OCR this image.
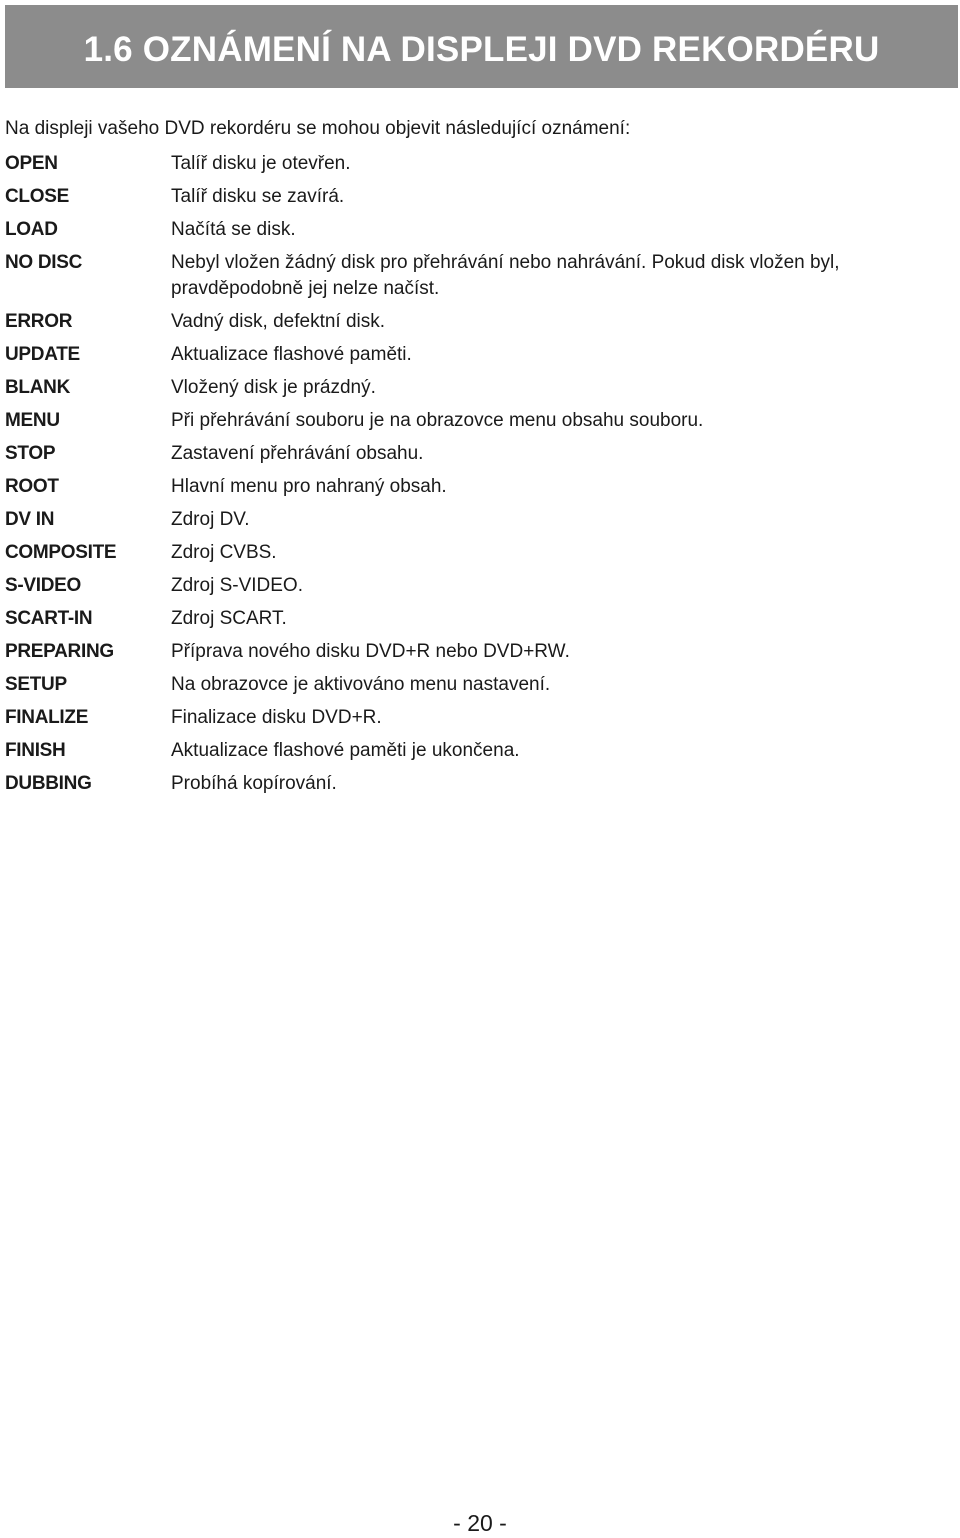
1.6 OZNÁMENÍ NA DISPLEJI DVD REKORDÉRU

Na displeji vašeho DVD rekordéru se mohou objevit následující oznámení:

OPEN	Talíř disku je otevřen.
CLOSE	Talíř disku se zavírá.
LOAD	Načítá se disk.
NO DISC	Nebyl vložen žádný disk pro přehrávání nebo nahrávání. Pokud disk vložen byl, pravděpodobně jej nelze načíst.
ERROR	Vadný disk, defektní disk.
UPDATE	Aktualizace flashové paměti.
BLANK	Vložený disk je prázdný.
MENU	Při přehrávání souboru je na obrazovce menu obsahu souboru.
STOP	Zastavení přehrávání obsahu.
ROOT	Hlavní menu pro nahraný obsah.
DV IN	Zdroj DV.
COMPOSITE	Zdroj CVBS.
S-VIDEO	Zdroj S-VIDEO.
SCART-IN	Zdroj SCART.
PREPARING	Příprava nového disku DVD+R nebo DVD+RW.
SETUP	Na obrazovce je aktivováno menu nastavení.
FINALIZE	Finalizace disku DVD+R.
FINISH	Aktualizace flashové paměti je ukončena.
DUBBING	Probíhá kopírování.

- 20 -
